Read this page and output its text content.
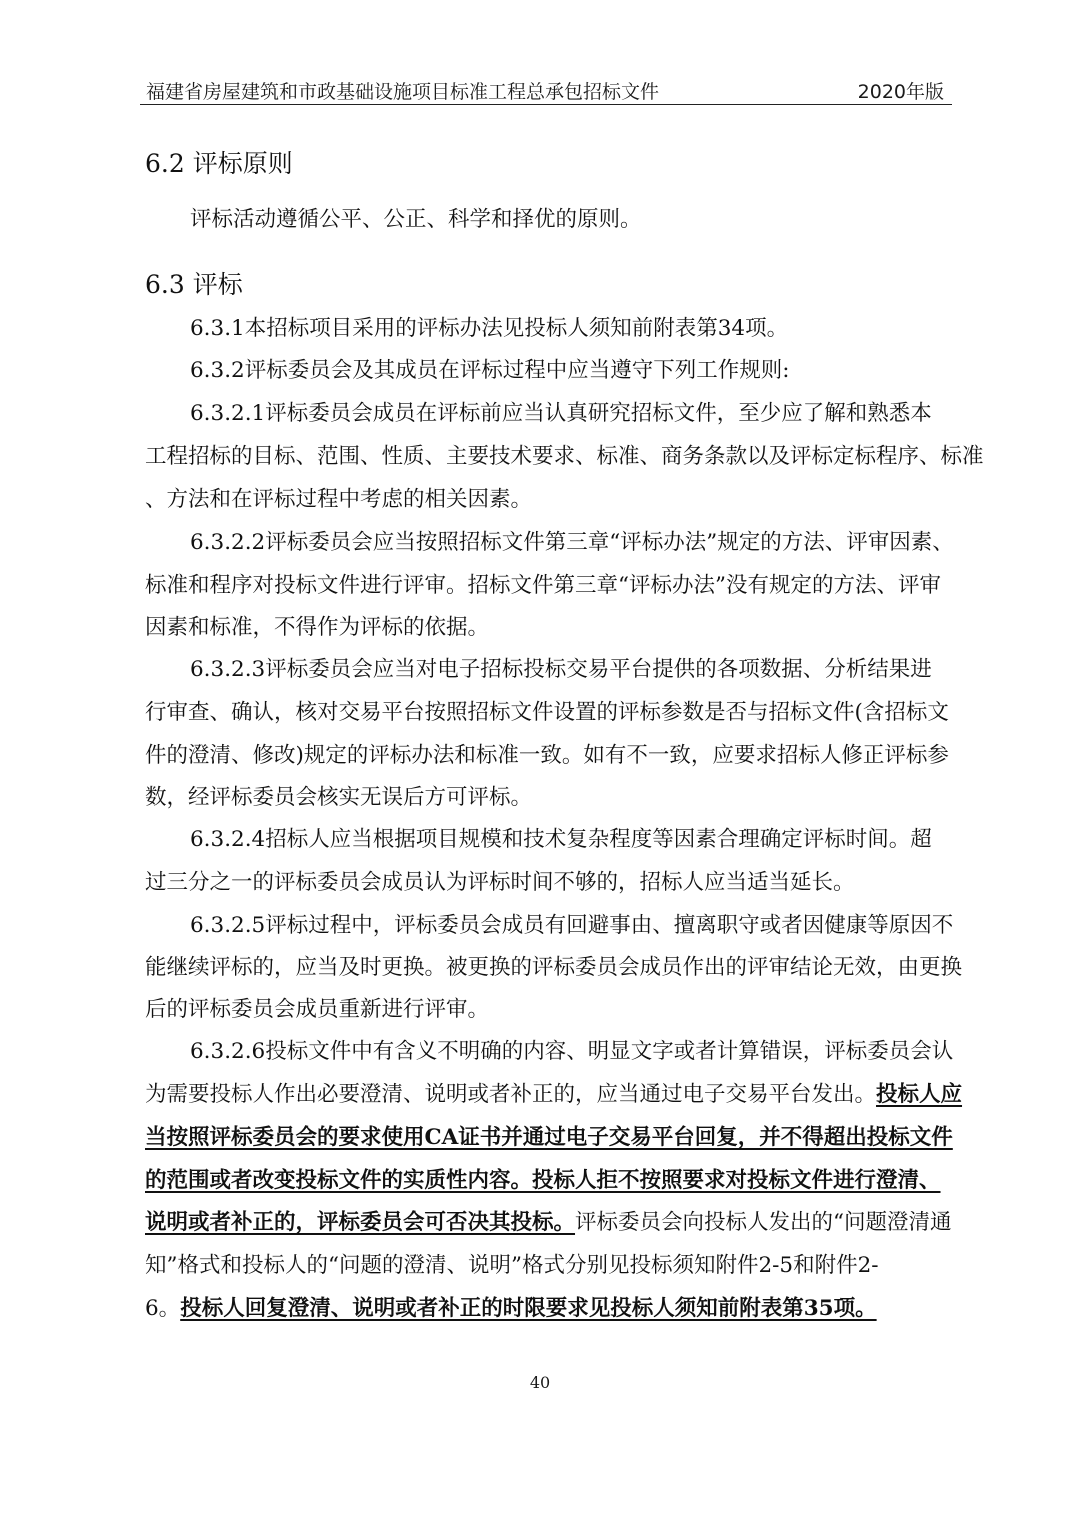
福建省房屋建筑和市政基础设施项目标准工程总承包招标文件	2020年版
6.2 评标原则
评标活动遵循公平、公正、科学和择优的原则。
6.3 评标
6.3.1本招标项目采用的评标办法见投标人须知前附表第34项。
6.3.2评标委员会及其成员在评标过程中应当遵守下列工作规则:
6.3.2.1评标委员会成员在评标前应当认真研究招标文件，至少应了解和熟悉本
工程招标的目标、范围、性质、主要技术要求、标准、商务条款以及评标定标程序、标准
、方法和在评标过程中考虑的相关因素。
6.3.2.2评标委员会应当按照招标文件第三章“评标办法”规定的方法、评审因素、
标准和程序对投标文件进行评审。招标文件第三章“评标办法”没有规定的方法、评审
因素和标准，不得作为评标的依据。
6.3.2.3评标委员会应当对电子招标投标交易平台提供的各项数据、分析结果进
行审查、确认，核对交易平台按照招标文件设置的评标参数是否与招标文件(含招标文
件的澄清、修改)规定的评标办法和标准一致。如有不一致，应要求招标人修正评标参
数，经评标委员会核实无误后方可评标。
6.3.2.4招标人应当根据项目规模和技术复杂程度等因素合理确定评标时间。超
过三分之一的评标委员会成员认为评标时间不够的，招标人应当适当延长。
6.3.2.5评标过程中，评标委员会成员有回避事由、擅离职守或者因健康等原因不
能继续评标的，应当及时更换。被更换的评标委员会成员作出的评审结论无效，由更换
后的评标委员会成员重新进行评审。
6.3.2.6投标文件中有含义不明确的内容、明显文字或者计算错误，评标委员会认
为需要投标人作出必要澄清、说明或者补正的，应当通过电子交易平台发出。投标人应
当按照评标委员会的要求使用CA证书并通过电子交易平台回复，并不得超出投标文件
的范围或者改变投标文件的实质性内容。投标人拒不按照要求对投标文件进行澄清、
说明或者补正的，评标委员会可否决其投标。评标委员会向投标人发出的“问题澄清通
知”格式和投标人的“问题的澄清、说明”格式分别见投标须知附件2-5和附件2-
6。投标人回复澄清、说明或者补正的时限要求见投标人须知前附表第35项。
40
